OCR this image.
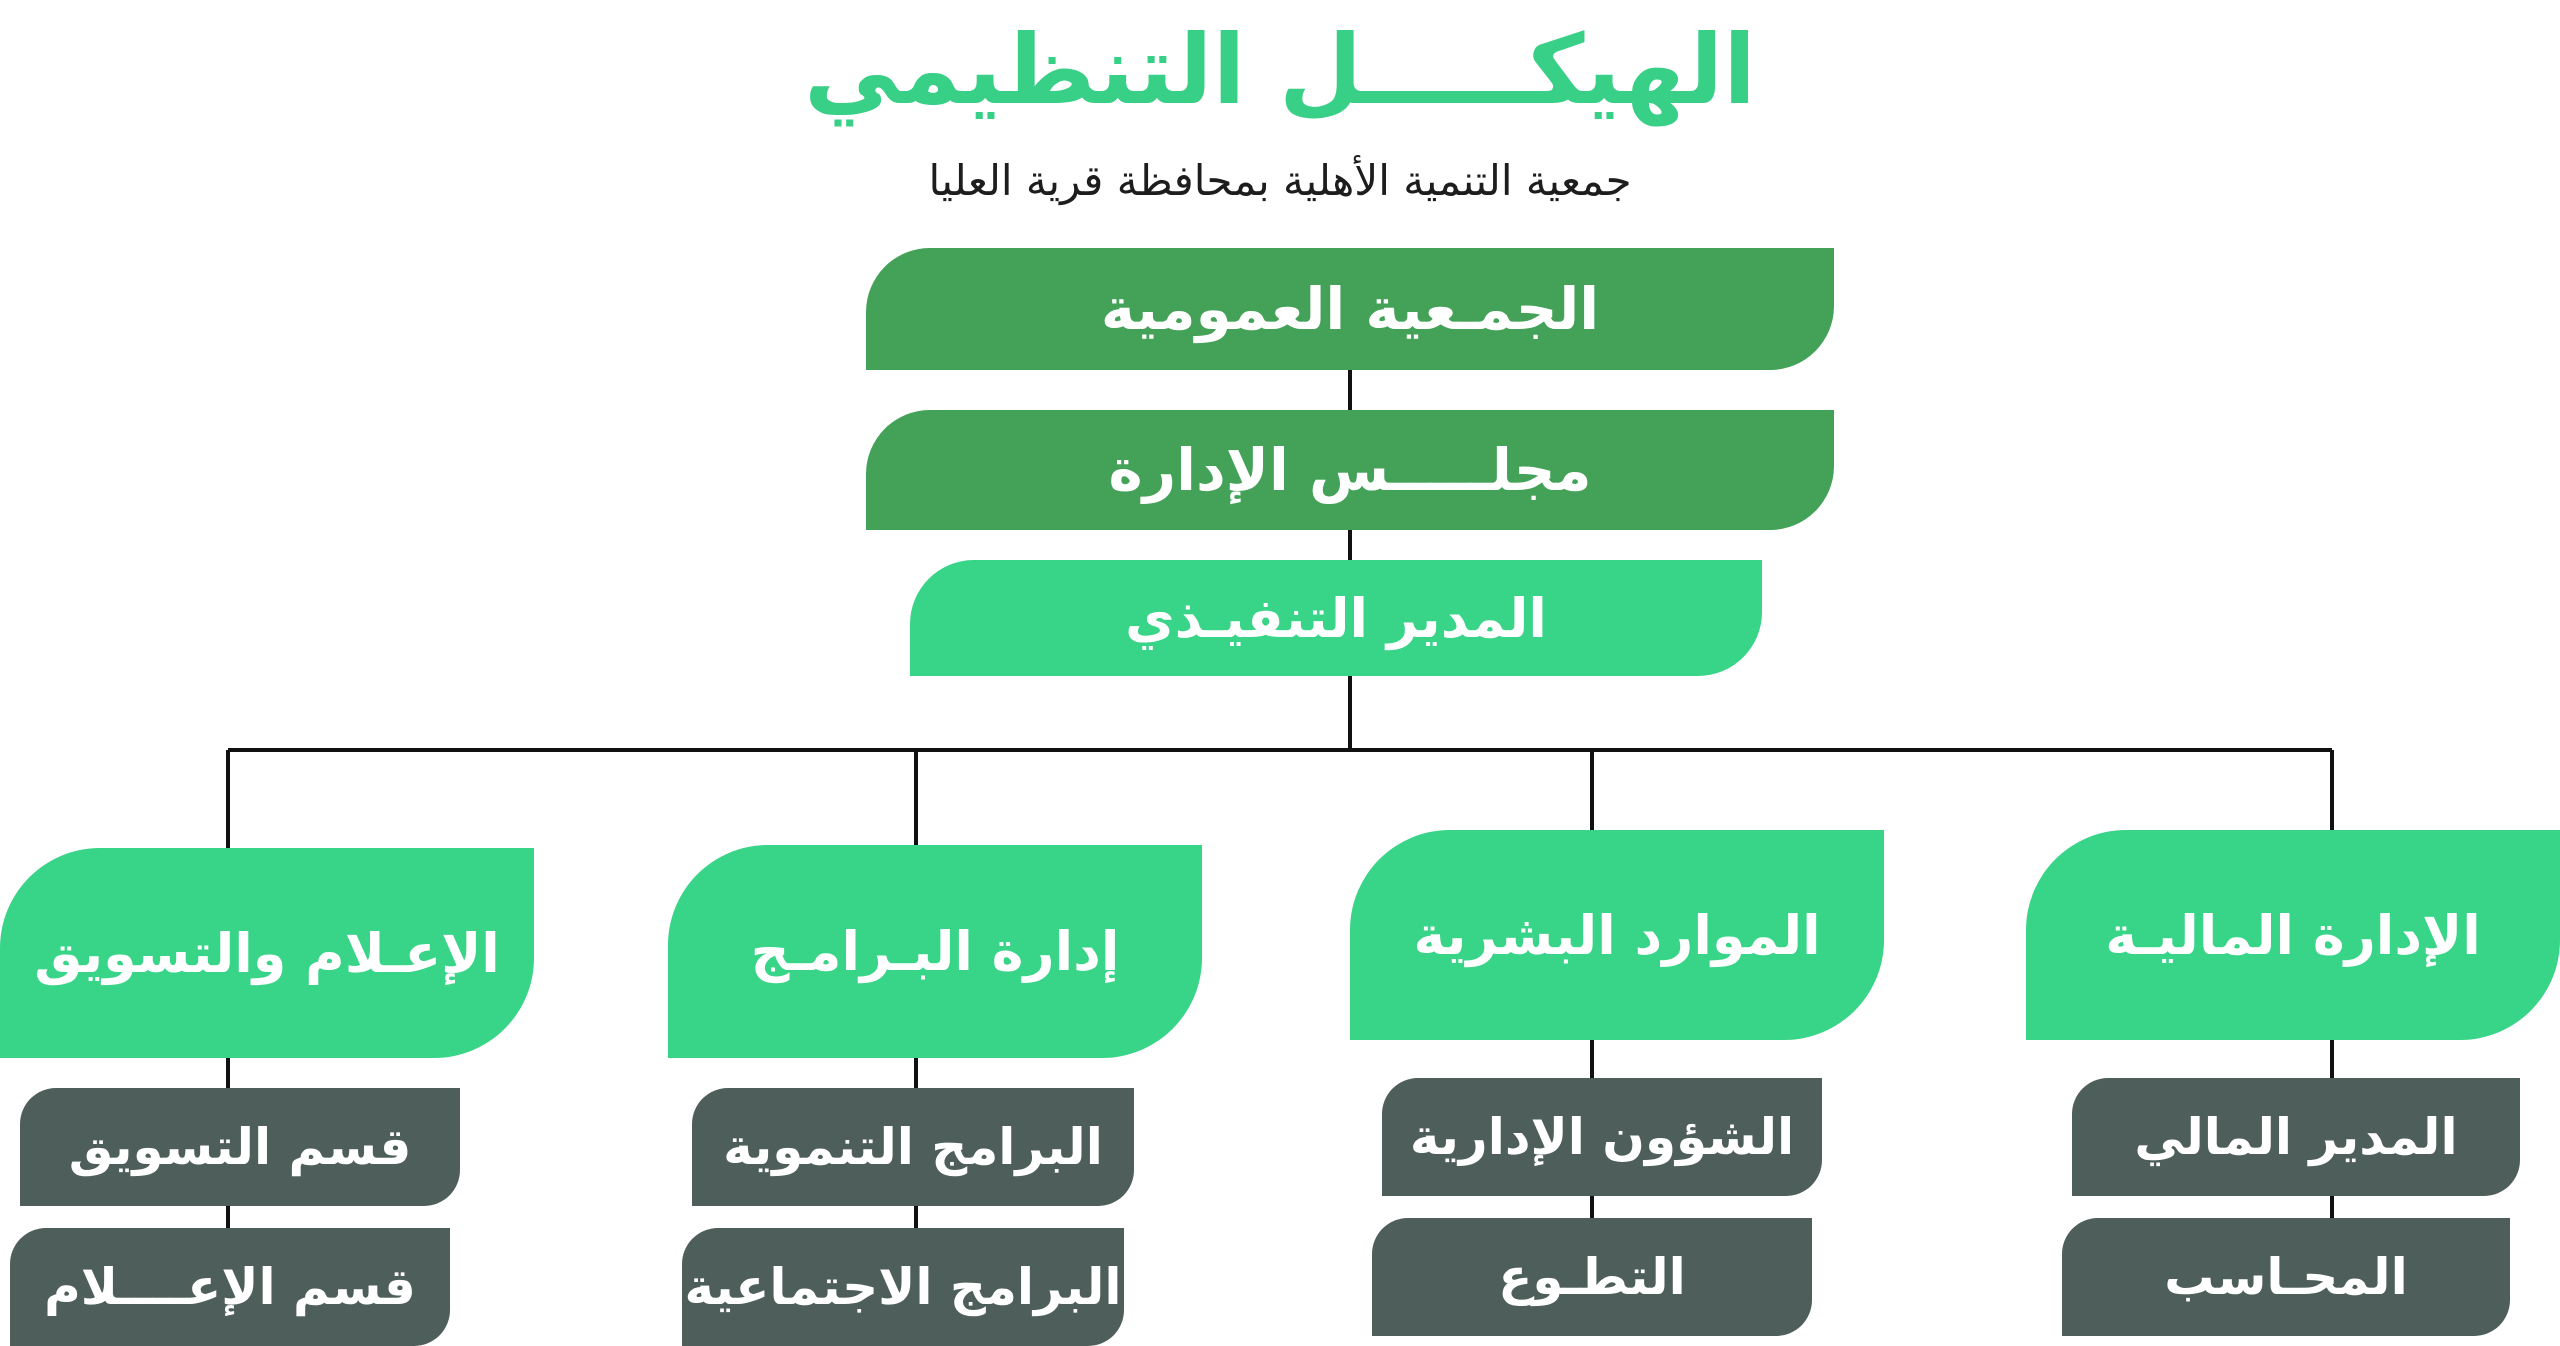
الهيكـــــل التنظيمي
جمعية التنمية الأهلية بمحافظة قرية العليا
الجمـعية العمومية
مجلـــــس الإدارة
المدير التنفيـذي
الإدارة الماليـة
المدير المالي
المحـاسب
الموارد البشرية
الشؤون الإدارية
التطـوع
إدارة البـرامـج
البرامج التنموية
البرامج الاجتماعية
الإعـلام والتسويق
قسم التسويق
قسم الإعــــلام
